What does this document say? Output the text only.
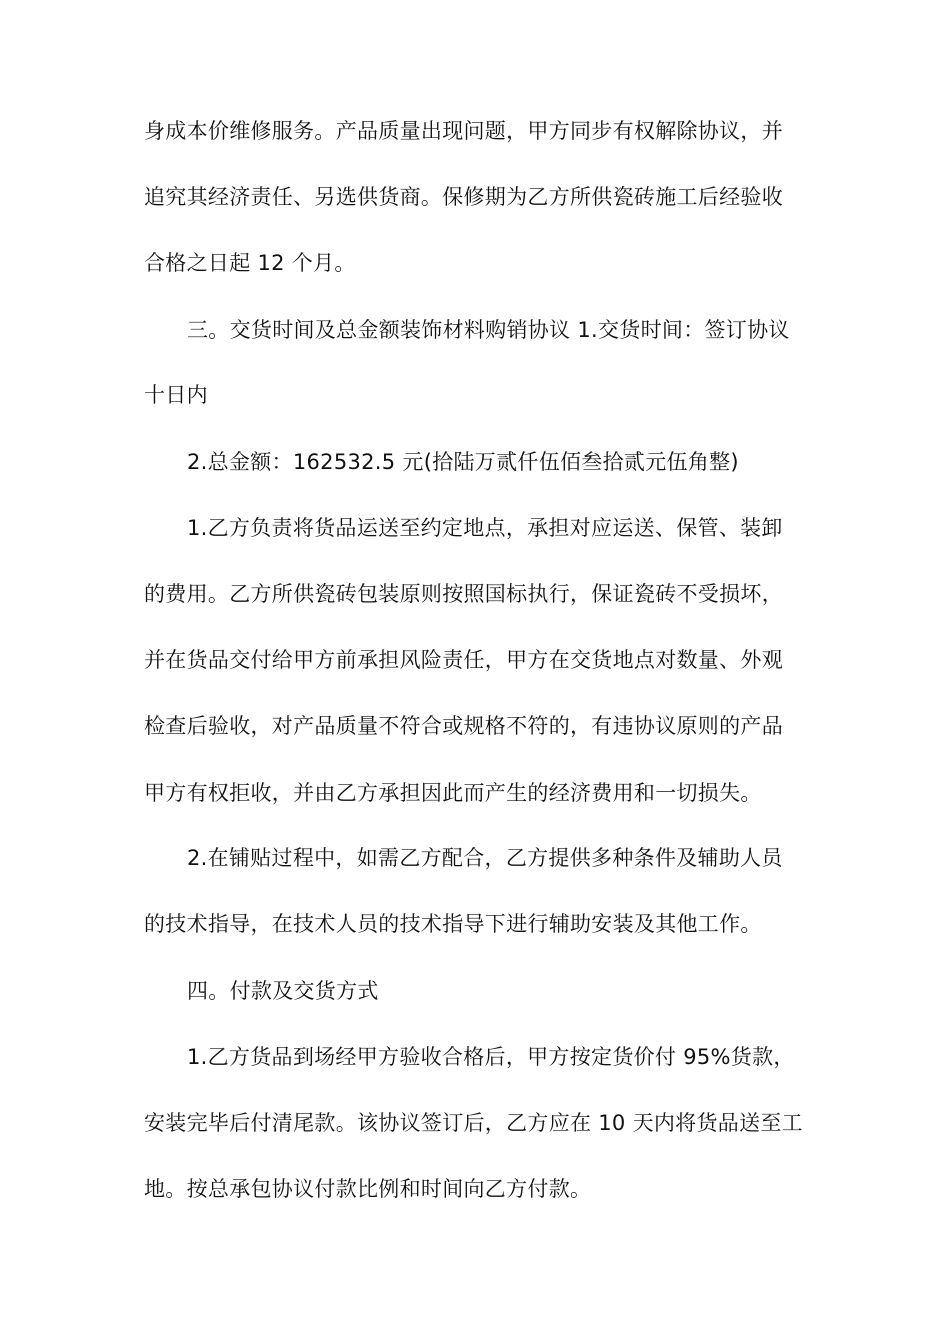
身成本价维修服务。产品质量出现问题，甲方同步有权解除协议，并
追究其经济责任、另选供货商。保修期为乙方所供瓷砖施工后经验收
合格之日起 12 个月。
三。交货时间及总金额装饰材料购销协议 1.交货时间：签订协议
十日内
2.总金额：162532.5 元(拾陆万贰仟伍佰叁拾贰元伍角整)
1.乙方负责将货品运送至约定地点，承担对应运送、保管、装卸
的费用。乙方所供瓷砖包装原则按照国标执行，保证瓷砖不受损坏，
并在货品交付给甲方前承担风险责任，甲方在交货地点对数量、外观
检查后验收，对产品质量不符合或规格不符的，有违协议原则的产品
甲方有权拒收，并由乙方承担因此而产生的经济费用和一切损失。
2.在铺贴过程中，如需乙方配合，乙方提供多种条件及辅助人员
的技术指导，在技术人员的技术指导下进行辅助安装及其他工作。
四。付款及交货方式
1.乙方货品到场经甲方验收合格后，甲方按定货价付 95%货款，
安装完毕后付清尾款。该协议签订后，乙方应在 10 天内将货品送至工
地。按总承包协议付款比例和时间向乙方付款。
